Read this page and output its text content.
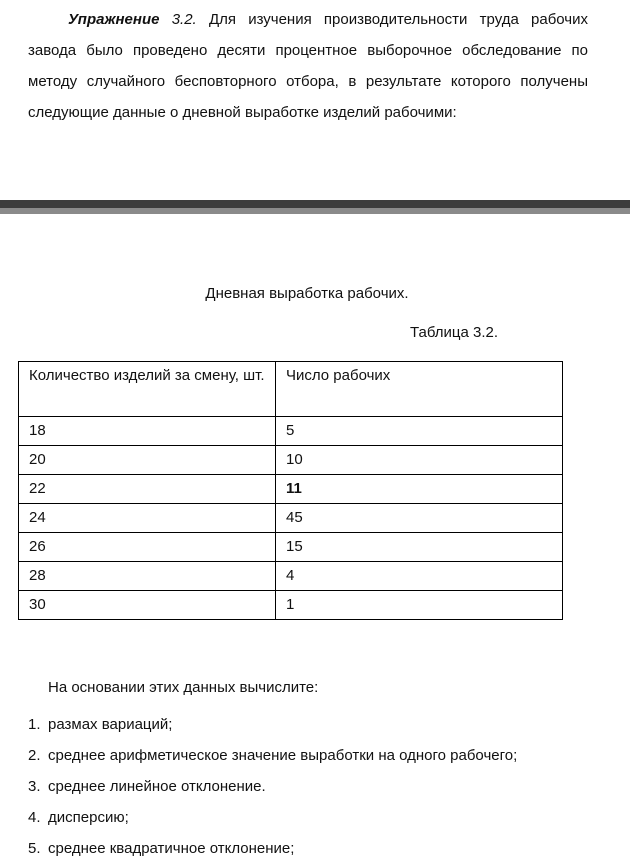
Упражнение 3.2. Для изучения производительности труда рабочих завода было проведено десяти процентное выборочное обследование по методу случайного бесповторного отбора, в результате которого получены следующие данные о дневной выработке изделий рабочими:

Дневная выработка рабочих.

Таблица 3.2.

Количество изделий за смену, шт.	Число рабочих
18	5
20	10
22	11
24	45
26	15
28	4
30	1

На основании этих данных вычислите:

1. размах вариаций;
2. среднее арифметическое значение выработки на одного рабочего;
3. среднее линейное отклонение.
4. дисперсию;
5. среднее квадратичное отклонение;
